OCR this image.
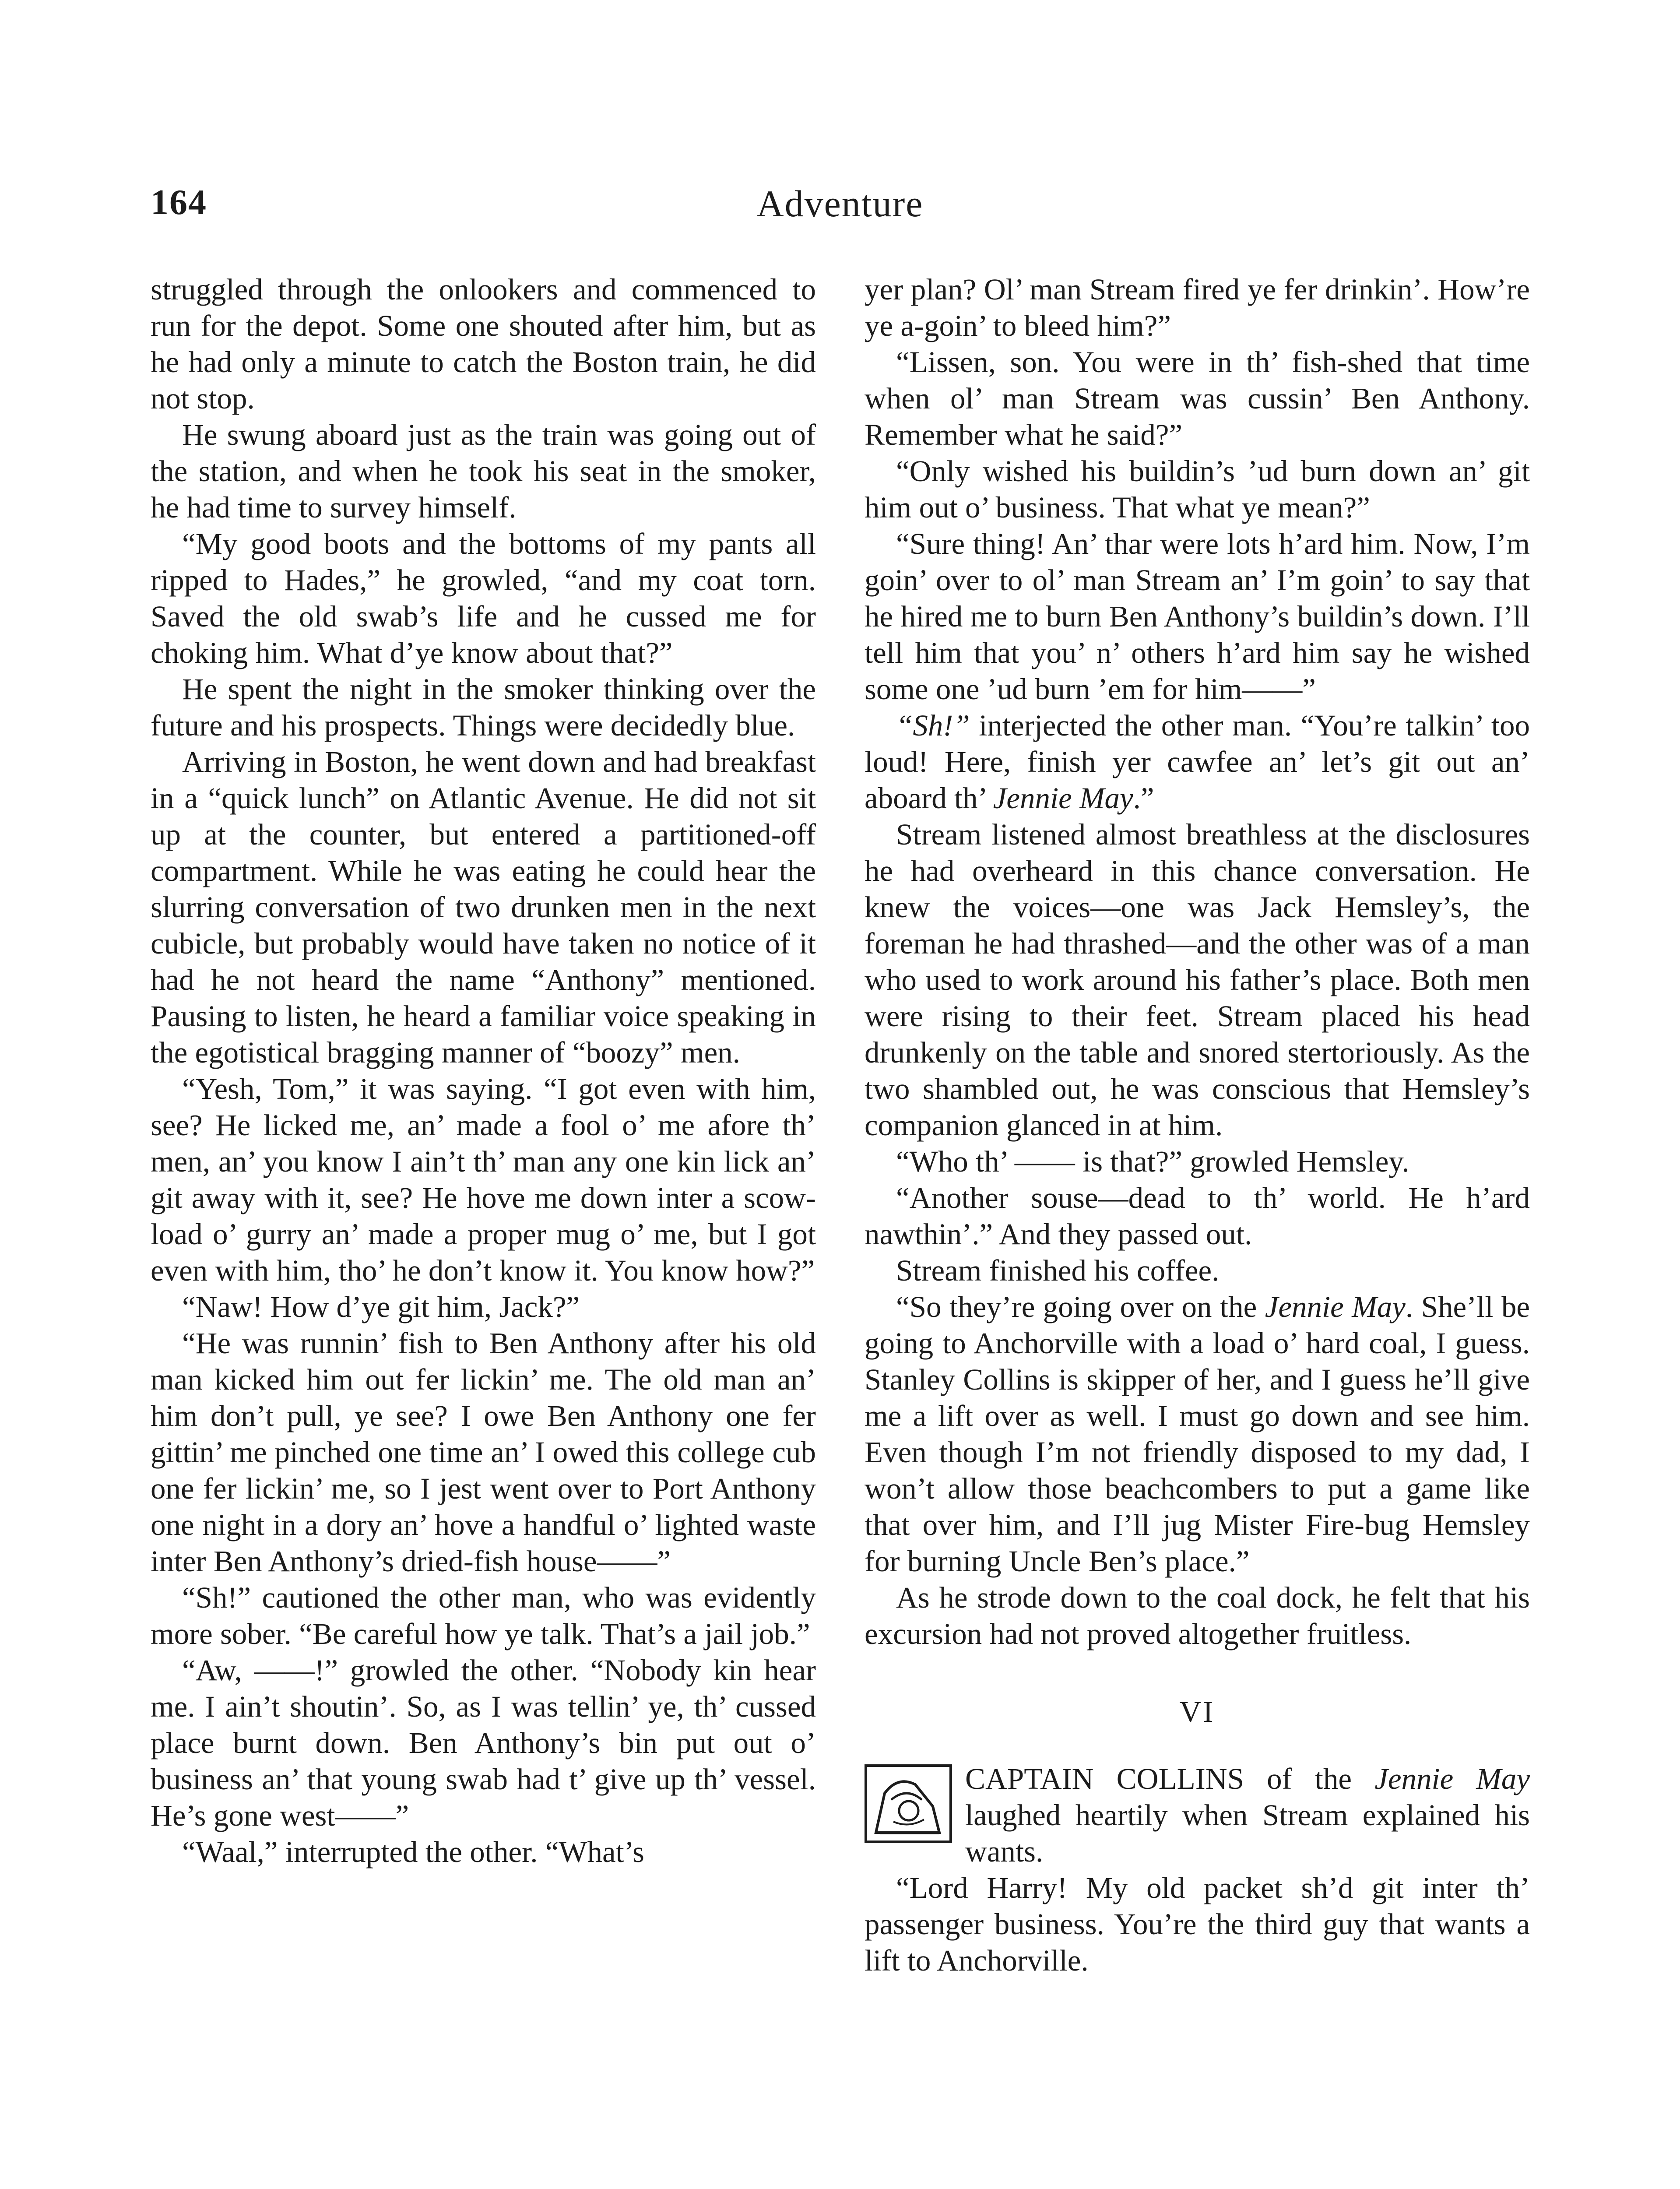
164	Adventure

struggled through the onlookers and commenced to run for the depot. Some one shouted after him, but as he had only a minute to catch the Boston train, he did not stop.

He swung aboard just as the train was going out of the station, and when he took his seat in the smoker, he had time to survey himself.

“My good boots and the bottoms of my pants all ripped to Hades,” he growled, “and my coat torn. Saved the old swab’s life and he cussed me for choking him. What d’ye know about that?”

He spent the night in the smoker thinking over the future and his prospects. Things were decidedly blue.

Arriving in Boston, he went down and had breakfast in a “quick lunch” on Atlantic Avenue. He did not sit up at the counter, but entered a partitioned-off compartment. While he was eating he could hear the slurring conversation of two drunken men in the next cubicle, but probably would have taken no notice of it had he not heard the name “Anthony” mentioned. Pausing to listen, he heard a familiar voice speaking in the egotistical bragging manner of “boozy” men.

“Yesh, Tom,” it was saying. “I got even with him, see? He licked me, an’ made a fool o’ me afore th’ men, an’ you know I ain’t th’ man any one kin lick an’ git away with it, see? He hove me down inter a scow-load o’ gurry an’ made a proper mug o’ me, but I got even with him, tho’ he don’t know it. You know how?”

“Naw! How d’ye git him, Jack?”

“He was runnin’ fish to Ben Anthony after his old man kicked him out fer lickin’ me. The old man an’ him don’t pull, ye see? I owe Ben Anthony one fer gittin’ me pinched one time an’ I owed this college cub one fer lickin’ me, so I jest went over to Port Anthony one night in a dory an’ hove a handful o’ lighted waste inter Ben Anthony’s dried-fish house——”

“Sh!” cautioned the other man, who was evidently more sober. “Be careful how ye talk. That’s a jail job.”

“Aw, ——!” growled the other. “Nobody kin hear me. I ain’t shoutin’. So, as I was tellin’ ye, th’ cussed place burnt down. Ben Anthony’s bin put out o’ business an’ that young swab had t’ give up th’ vessel. He’s gone west——”

“Waal,” interrupted the other. “What’s

yer plan? Ol’ man Stream fired ye fer drinkin’. How’re ye a-goin’ to bleed him?”

“Lissen, son. You were in th’ fish-shed that time when ol’ man Stream was cussin’ Ben Anthony. Remember what he said?”

“Only wished his buildin’s ’ud burn down an’ git him out o’ business. That what ye mean?”

“Sure thing! An’ thar were lots h’ard him. Now, I’m goin’ over to ol’ man Stream an’ I’m goin’ to say that he hired me to burn Ben Anthony’s buildin’s down. I’ll tell him that you’ n’ others h’ard him say he wished some one ’ud burn ’em for him——”

“Sh!” interjected the other man. “You’re talkin’ too loud! Here, finish yer cawfee an’ let’s git out an’ aboard th’ Jennie May.”

Stream listened almost breathless at the disclosures he had overheard in this chance conversation. He knew the voices—one was Jack Hemsley’s, the foreman he had thrashed—and the other was of a man who used to work around his father’s place. Both men were rising to their feet. Stream placed his head drunkenly on the table and snored stertoriously. As the two shambled out, he was conscious that Hemsley’s companion glanced in at him.

“Who th’ —— is that?” growled Hemsley.

“Another souse—dead to th’ world. He h’ard nawthin’.” And they passed out.

Stream finished his coffee.

“So they’re going over on the Jennie May. She’ll be going to Anchorville with a load o’ hard coal, I guess. Stanley Collins is skipper of her, and I guess he’ll give me a lift over as well. I must go down and see him. Even though I’m not friendly disposed to my dad, I won’t allow those beachcombers to put a game like that over him, and I’ll jug Mister Fire-bug Hemsley for burning Uncle Ben’s place.”

As he strode down to the coal dock, he felt that his excursion had not proved altogether fruitless.

VI

CAPTAIN COLLINS of the Jennie May laughed heartily when Stream explained his wants.

“Lord Harry! My old packet sh’d git inter th’ passenger business. You’re the third guy that wants a lift to Anchorville.
